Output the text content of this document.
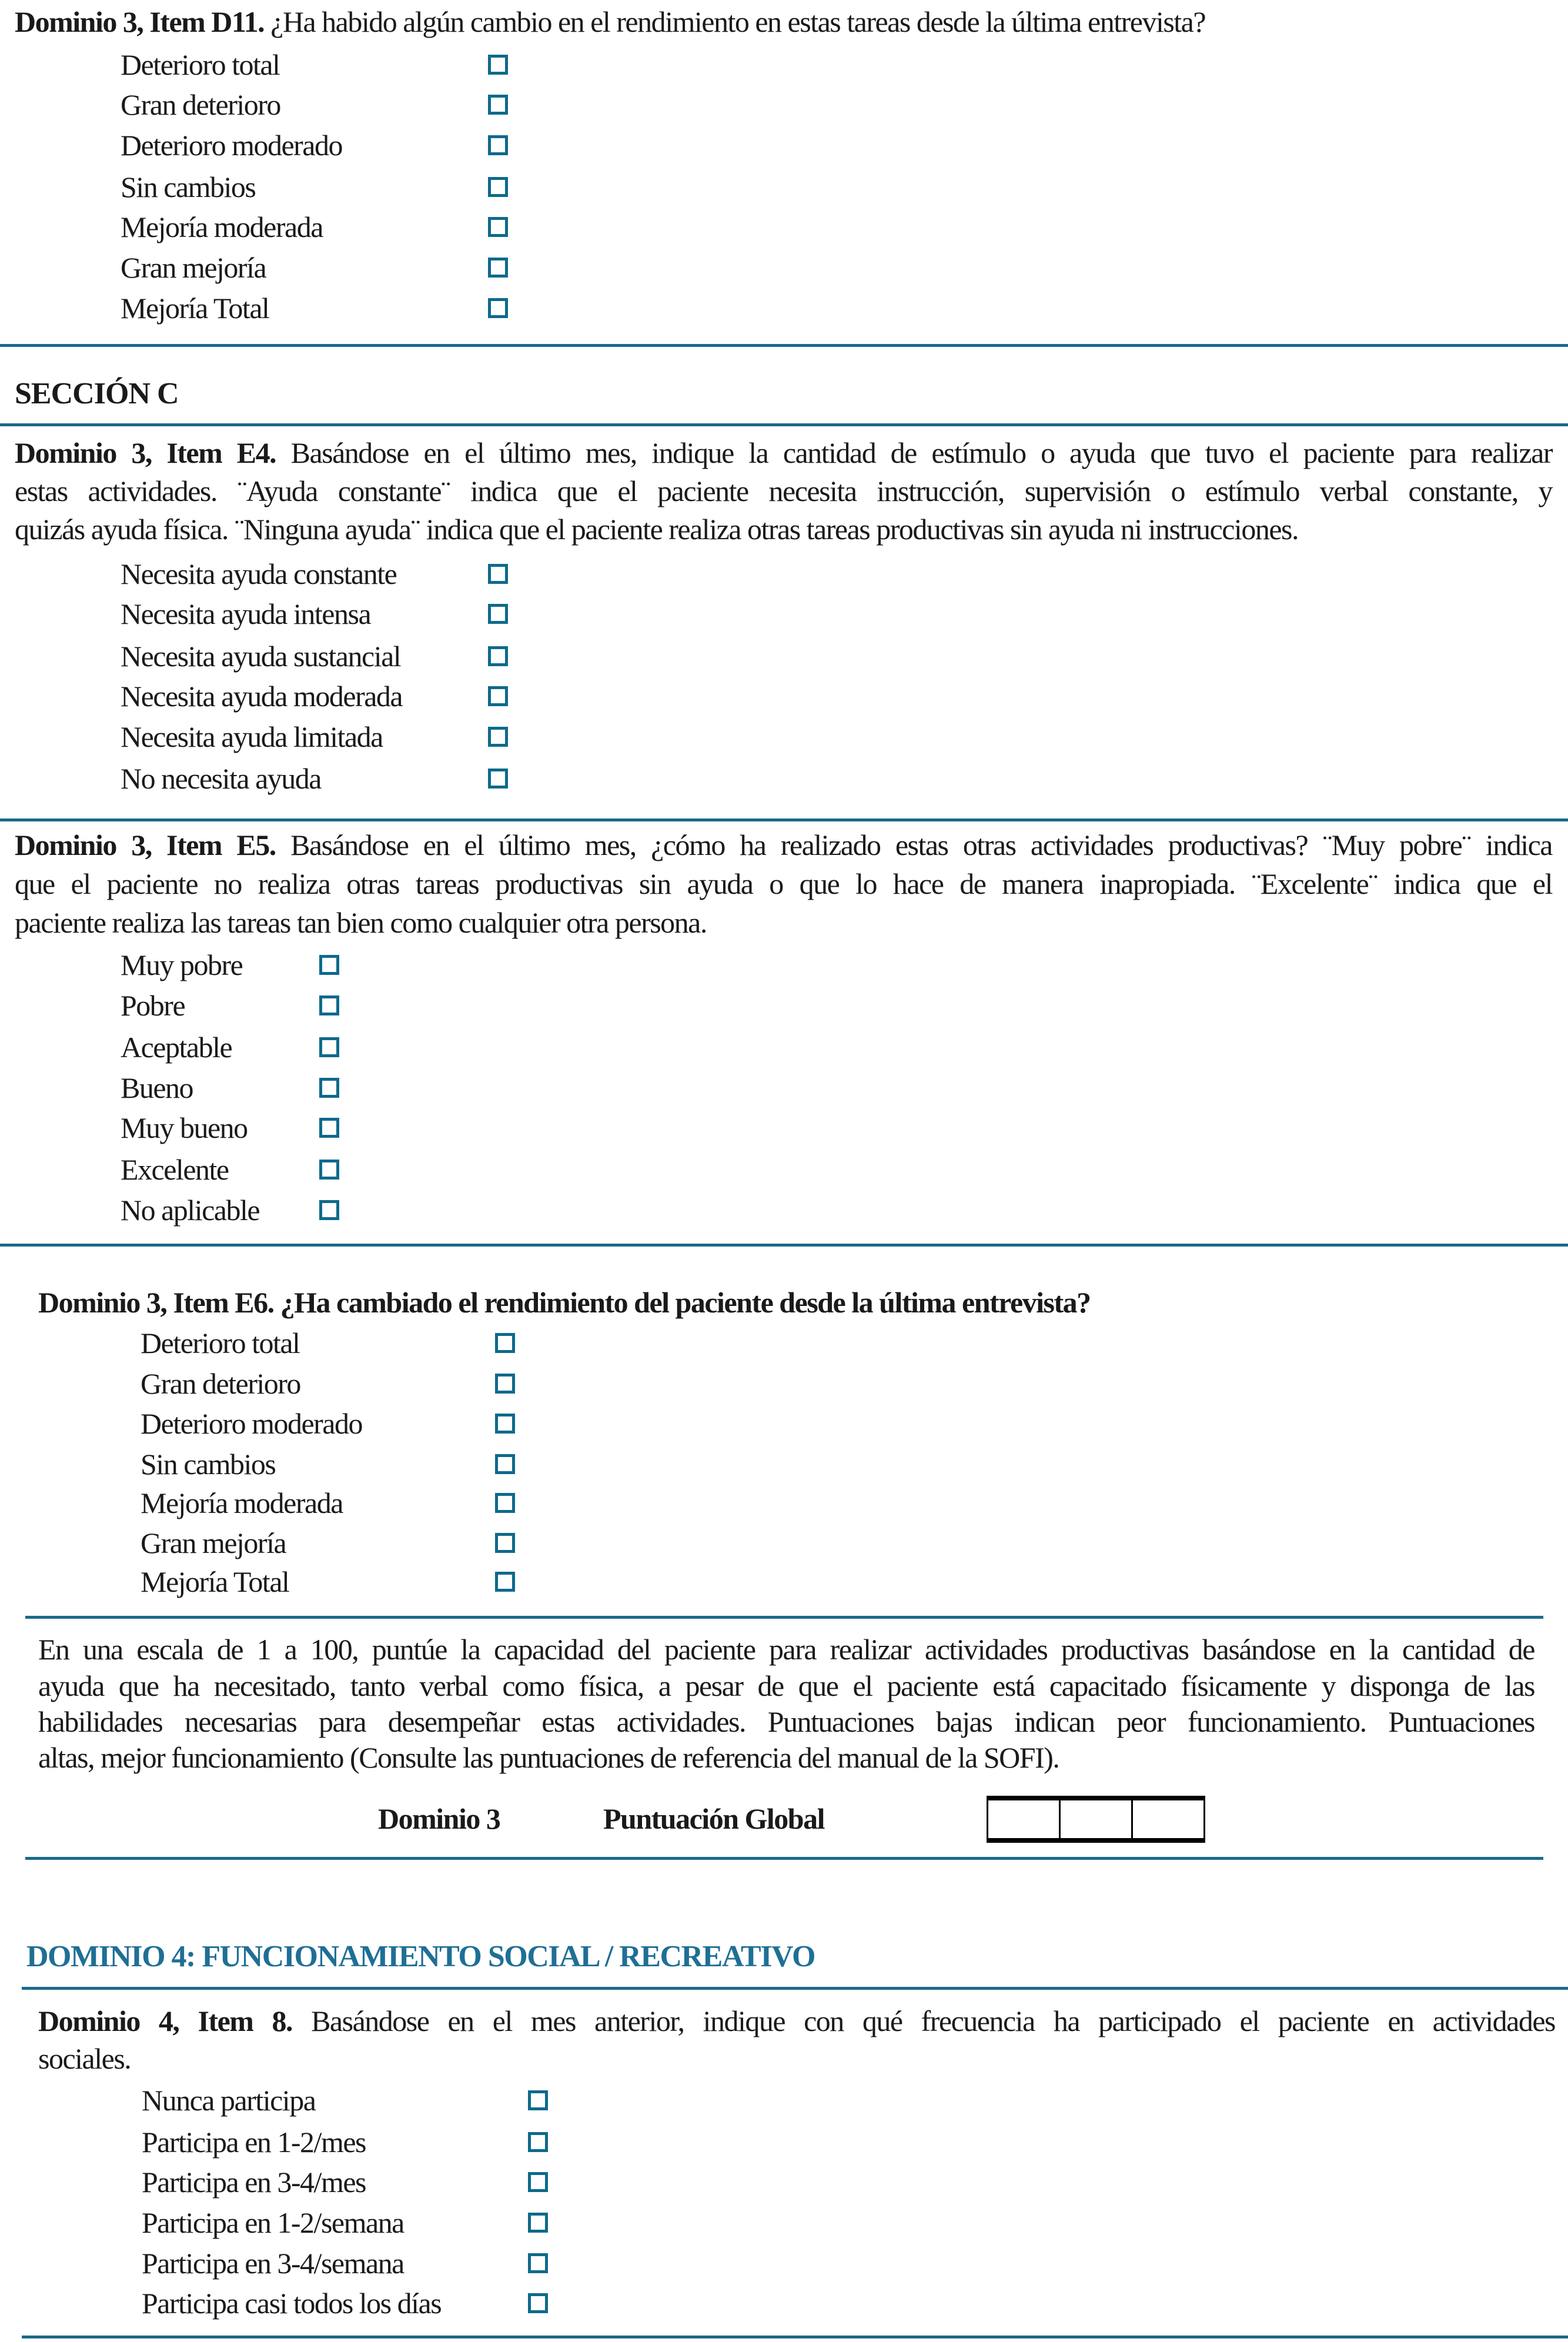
Dominio 3, Item D11. ¿Ha habido algún cambio en el rendimiento en estas tareas desde la última entrevista?
Deterioro total
Gran deterioro
Deterioro moderado
Sin cambios
Mejoría moderada
Gran mejoría
Mejoría Total
SECCIÓN C
Dominio 3, Item E4. Basándose en el último mes, indique la cantidad de estímulo o ayuda que tuvo el paciente para realizar
estas actividades. ¨Ayuda constante¨ indica que el paciente necesita instrucción, supervisión o estímulo verbal constante, y
quizás ayuda física. ¨Ninguna ayuda¨ indica que el paciente realiza otras tareas productivas sin ayuda ni instrucciones.
Necesita ayuda constante
Necesita ayuda intensa
Necesita ayuda sustancial
Necesita ayuda moderada
Necesita ayuda limitada
No necesita ayuda
Dominio 3, Item E5. Basándose en el último mes, ¿cómo ha realizado estas otras actividades productivas? ¨Muy pobre¨ indica
que el paciente no realiza otras tareas productivas sin ayuda o que lo hace de manera inapropiada. ¨Excelente¨ indica que el
paciente realiza las tareas tan bien como cualquier otra persona.
Muy pobre
Pobre
Aceptable
Bueno
Muy bueno
Excelente
No aplicable
Dominio 3, Item E6. ¿Ha cambiado el rendimiento del paciente desde la última entrevista?
Deterioro total
Gran deterioro
Deterioro moderado
Sin cambios
Mejoría moderada
Gran mejoría
Mejoría Total
En una escala de 1 a 100, puntúe la capacidad del paciente para realizar actividades productivas basándose en la cantidad de
ayuda que ha necesitado, tanto verbal como física, a pesar de que el paciente está capacitado físicamente y disponga de las
habilidades necesarias para desempeñar estas actividades. Puntuaciones bajas indican peor funcionamiento. Puntuaciones
altas, mejor funcionamiento (Consulte las puntuaciones de referencia del manual de la SOFI).
Dominio 3	Puntuación Global
DOMINIO 4: FUNCIONAMIENTO SOCIAL / RECREATIVO
Dominio 4, Item 8. Basándose en el mes anterior, indique con qué frecuencia ha participado el paciente en actividades
sociales.
Nunca participa
Participa en 1-2/mes
Participa en 3-4/mes
Participa en 1-2/semana
Participa en 3-4/semana
Participa casi todos los días
